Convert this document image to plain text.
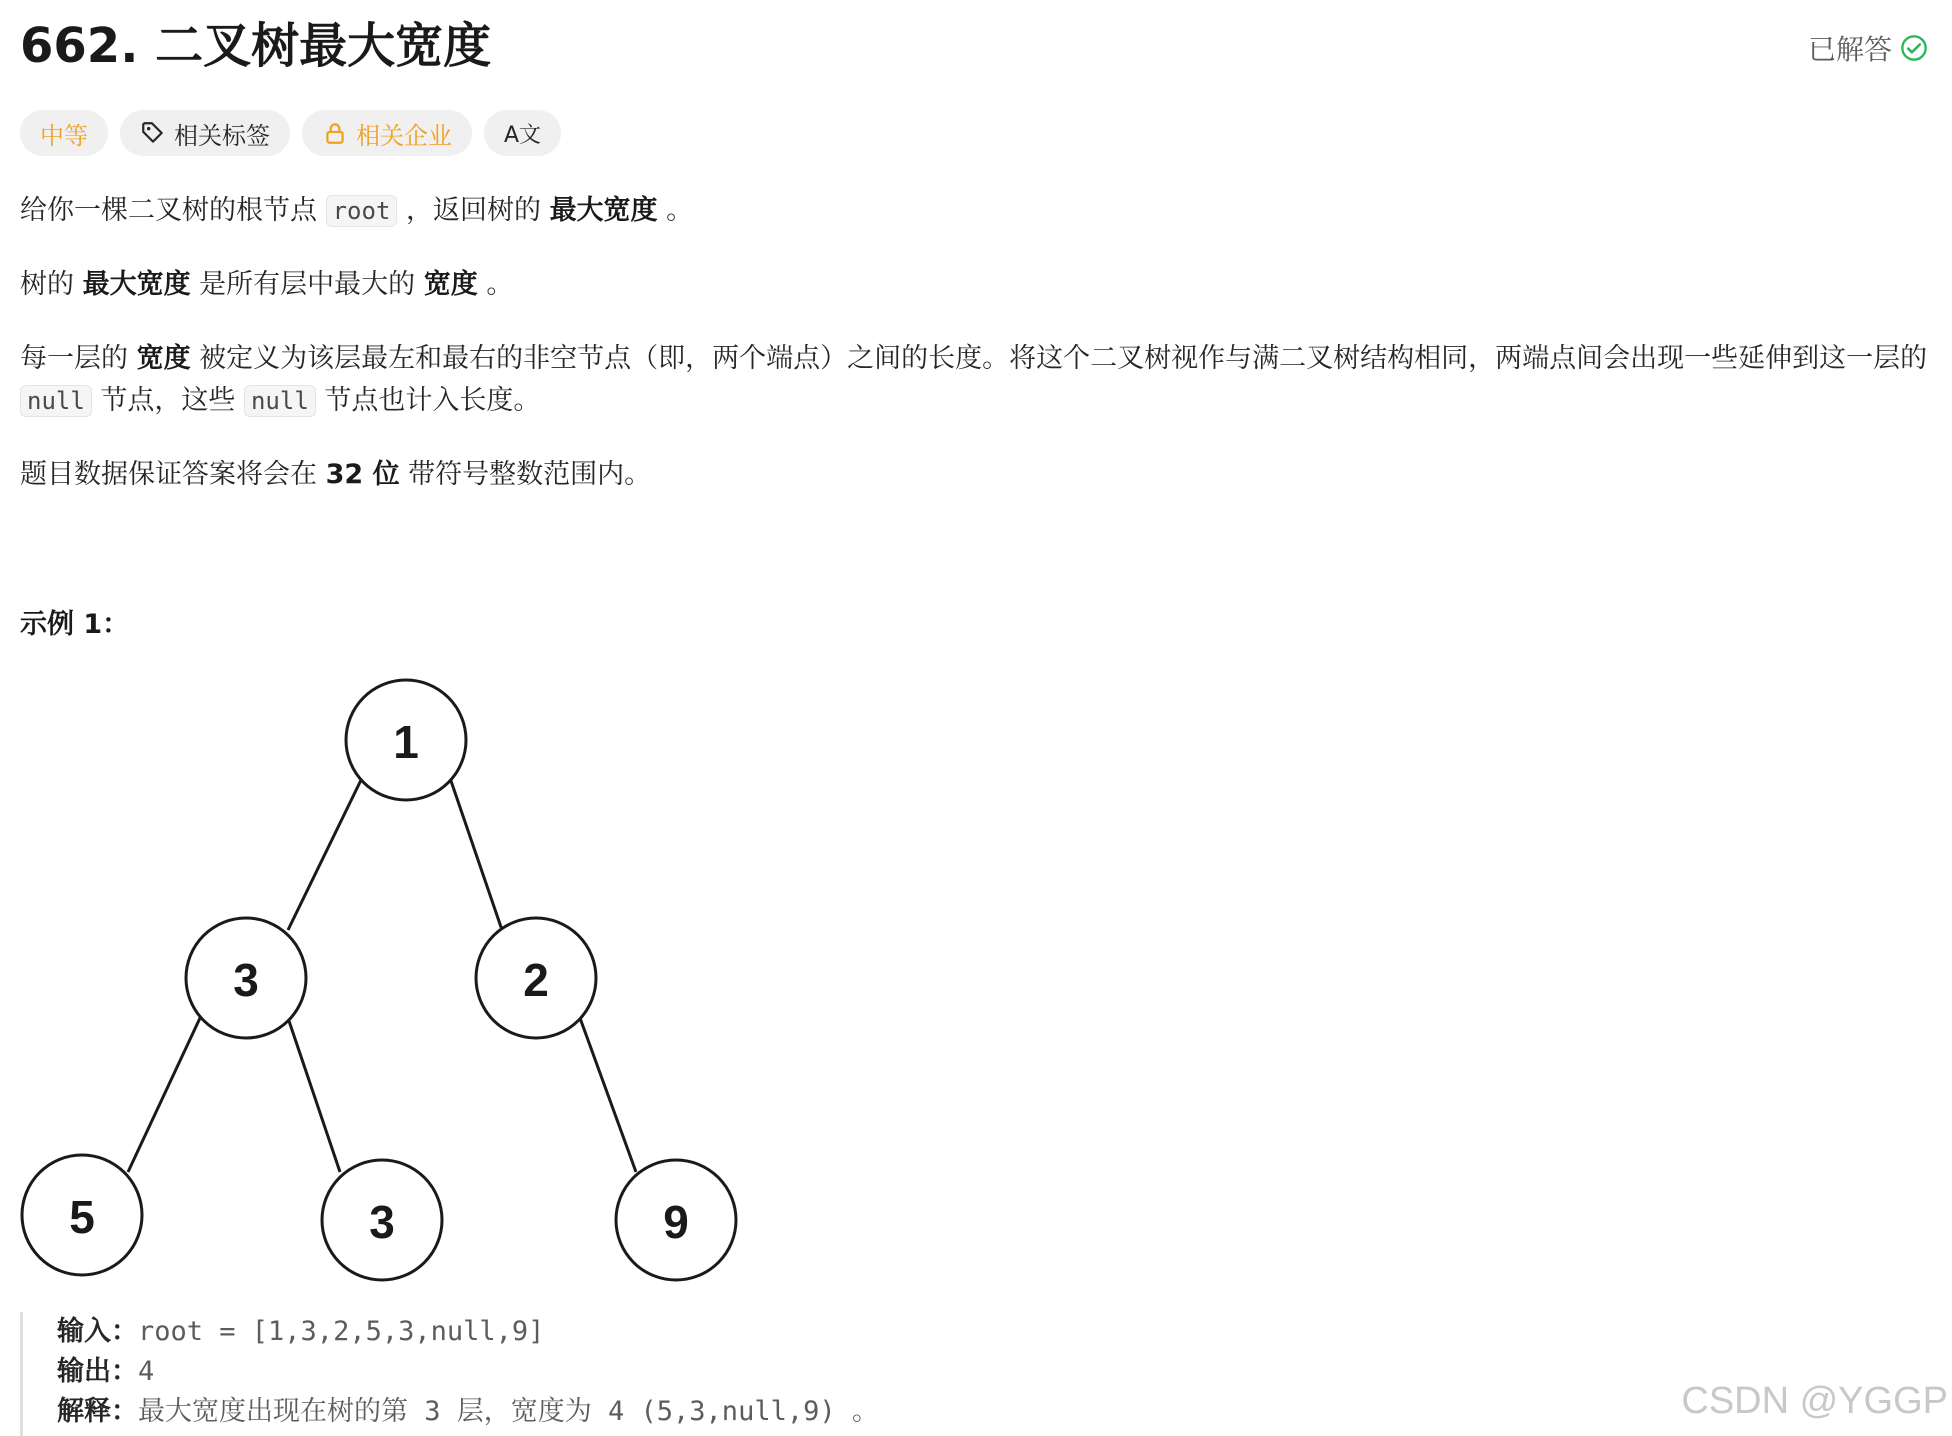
662. 二叉树最大宽度	已解答
中等	相关标签	相关企业 A文
给你一棵二叉树的根节点 root ，返回树的 最大宽度 。
树的 最大宽度 是所有层中最大的 宽度 。
每一层的 宽度 被定义为该层最左和最右的非空节点（即，两个端点）之间的长度。将这个二叉树视作与满二叉树结构相同，两端点间会出现一些延伸到这一层的 null 节点，这些 null 节点也计入长度。
题目数据保证答案将会在 32 位 带符号整数范围内。
示例 1：
1
3	2
5	3	9
输入：root = [1,3,2,5,3,null,9]
输出：4
解释：最大宽度出现在树的第 3 层，宽度为 4 (5,3,null,9) 。	CSDN @YGGP
